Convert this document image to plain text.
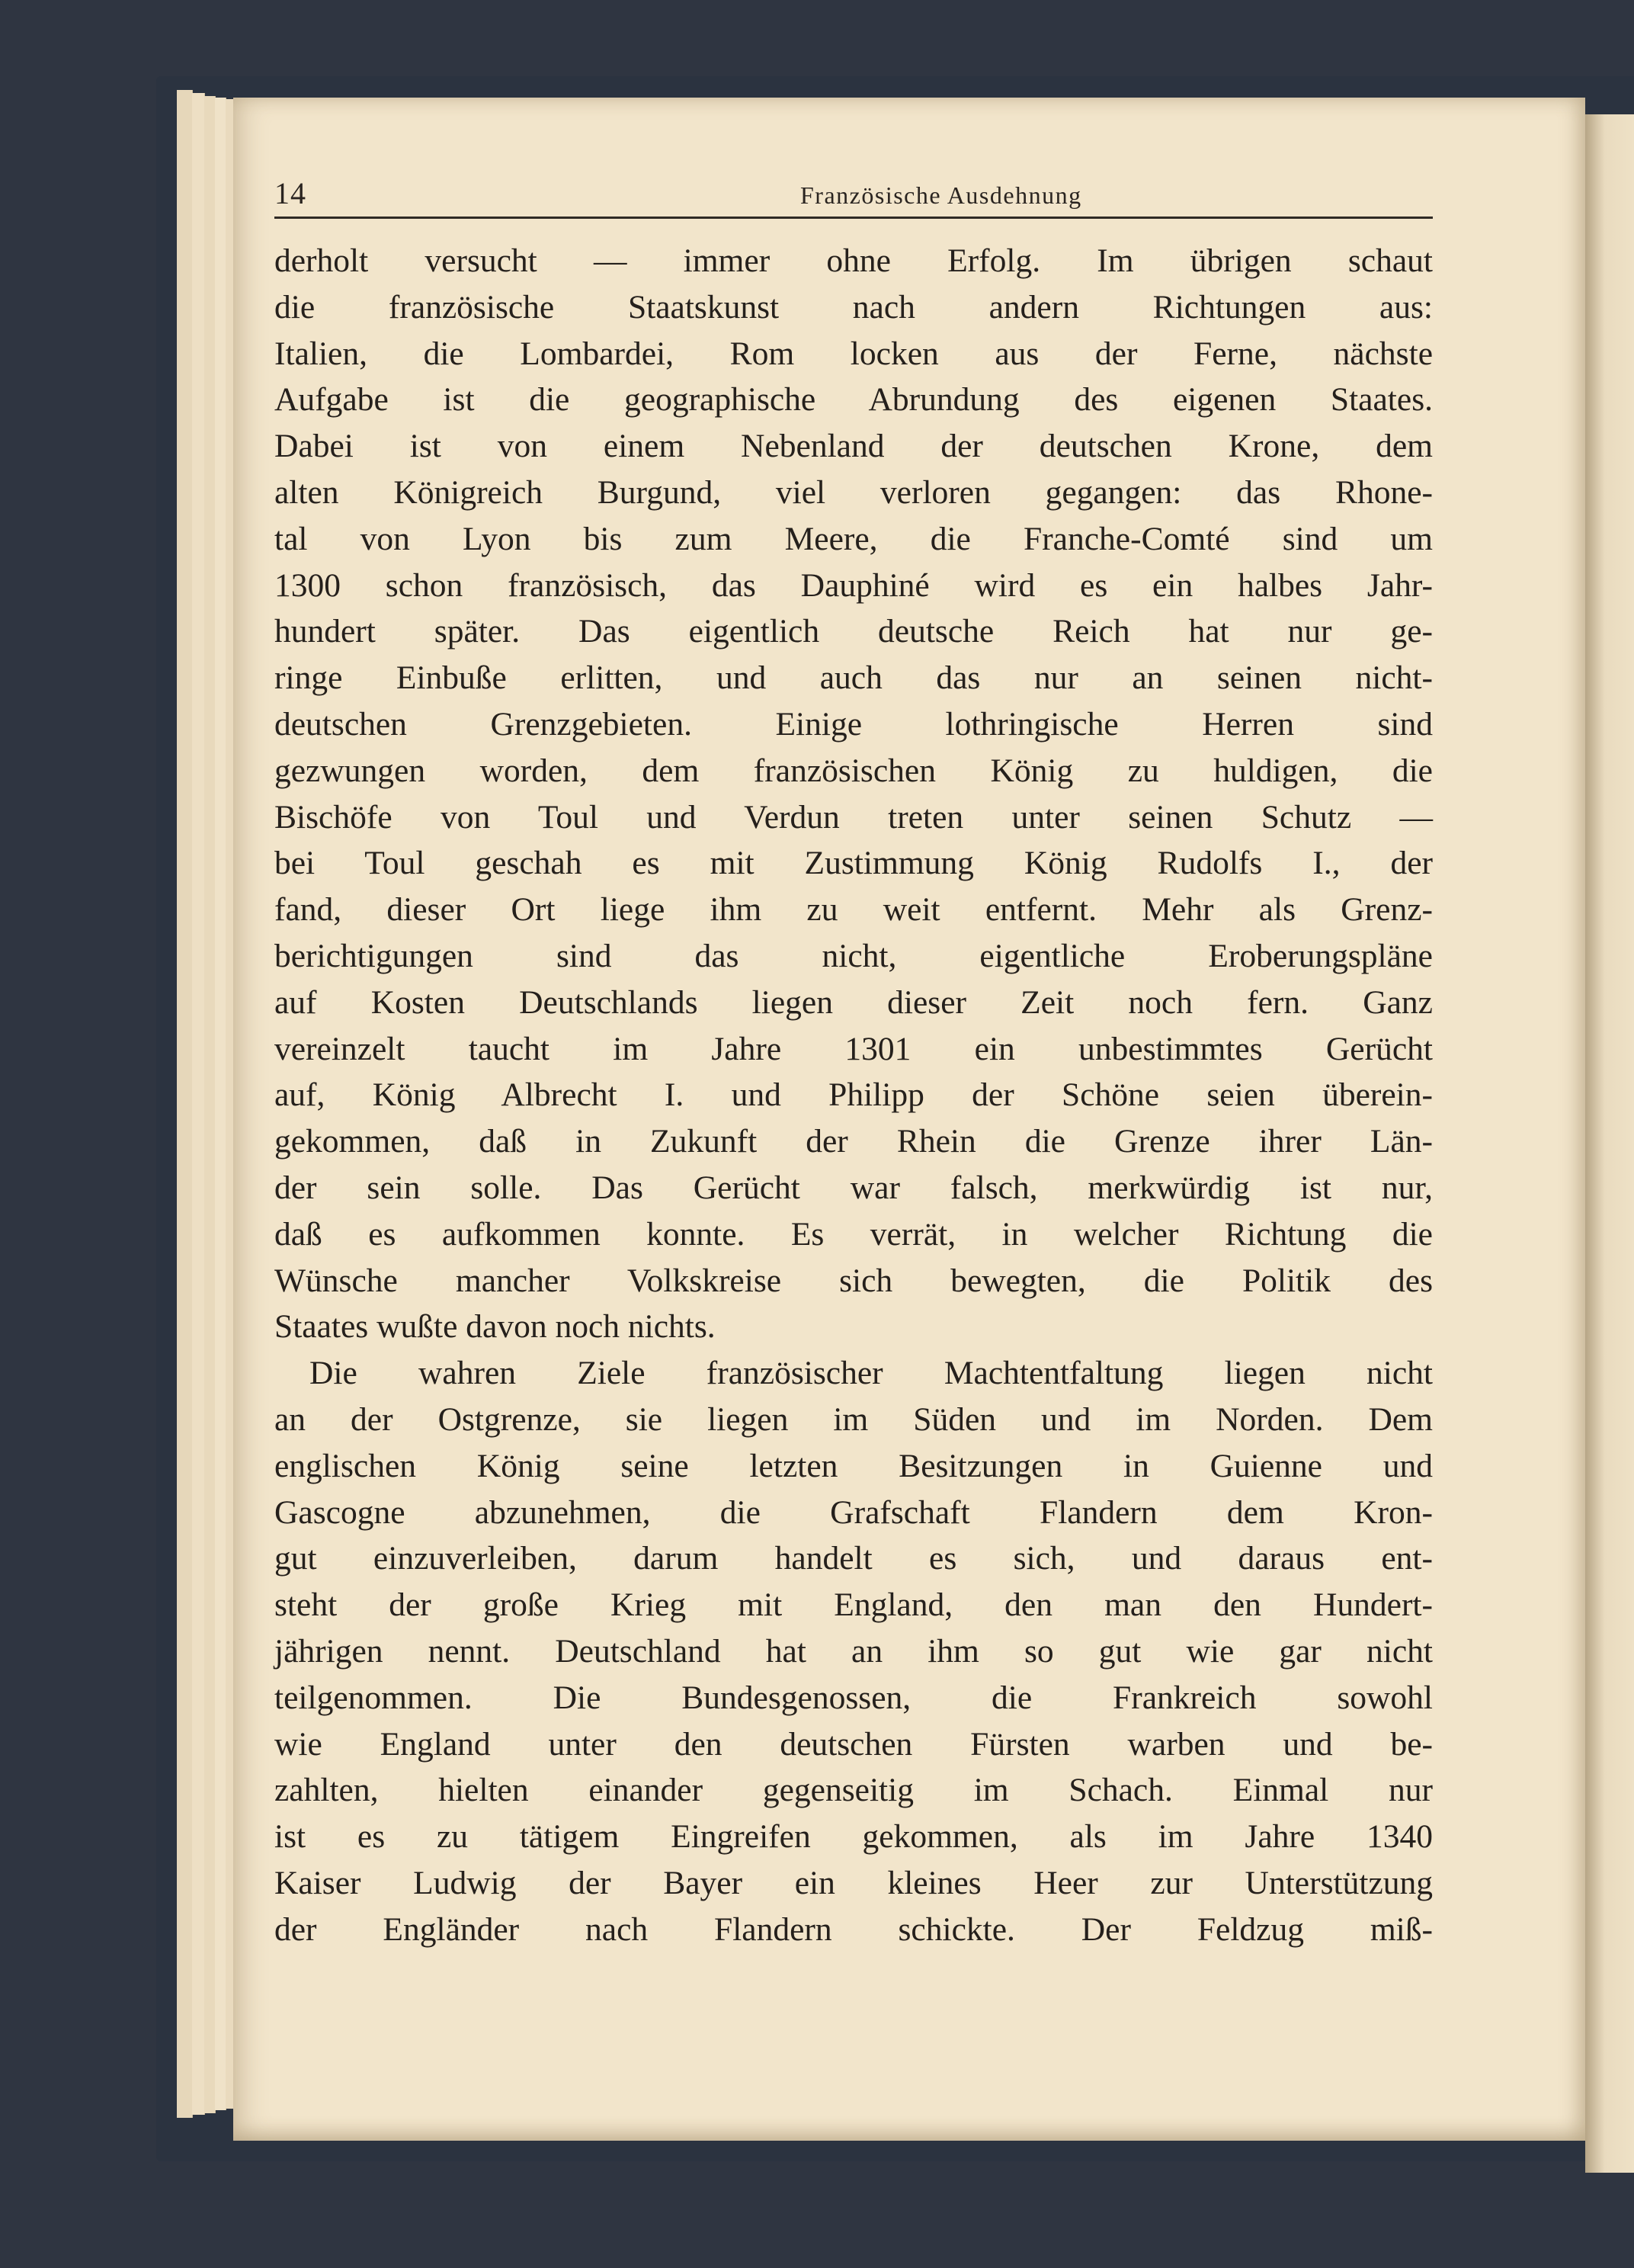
14	Französische Ausdehnung
derholt versucht — immer ohne Erfolg. Im übrigen schaut
die französische Staatskunst nach andern Richtungen aus:
Italien, die Lombardei, Rom locken aus der Ferne, nächste
Aufgabe ist die geographische Abrundung des eigenen Staates.
Dabei ist von einem Nebenland der deutschen Krone, dem
alten Königreich Burgund, viel verloren gegangen: das Rhone-
tal von Lyon bis zum Meere, die Franche-Comté sind um
1300 schon französisch, das Dauphiné wird es ein halbes Jahr-
hundert später. Das eigentlich deutsche Reich hat nur ge-
ringe Einbuße erlitten, und auch das nur an seinen nicht-
deutschen Grenzgebieten. Einige lothringische Herren sind
gezwungen worden, dem französischen König zu huldigen, die
Bischöfe von Toul und Verdun treten unter seinen Schutz —
bei Toul geschah es mit Zustimmung König Rudolfs I., der
fand, dieser Ort liege ihm zu weit entfernt. Mehr als Grenz-
berichtigungen sind das nicht, eigentliche Eroberungspläne
auf Kosten Deutschlands liegen dieser Zeit noch fern. Ganz
vereinzelt taucht im Jahre 1301 ein unbestimmtes Gerücht
auf, König Albrecht I. und Philipp der Schöne seien überein-
gekommen, daß in Zukunft der Rhein die Grenze ihrer Län-
der sein solle. Das Gerücht war falsch, merkwürdig ist nur,
daß es aufkommen konnte. Es verrät, in welcher Richtung die
Wünsche mancher Volkskreise sich bewegten, die Politik des
Staates wußte davon noch nichts.
Die wahren Ziele französischer Machtentfaltung liegen nicht
an der Ostgrenze, sie liegen im Süden und im Norden. Dem
englischen König seine letzten Besitzungen in Guienne und
Gascogne abzunehmen, die Grafschaft Flandern dem Kron-
gut einzuverleiben, darum handelt es sich, und daraus ent-
steht der große Krieg mit England, den man den Hundert-
jährigen nennt. Deutschland hat an ihm so gut wie gar nicht
teilgenommen. Die Bundesgenossen, die Frankreich sowohl
wie England unter den deutschen Fürsten warben und be-
zahlten, hielten einander gegenseitig im Schach. Einmal nur
ist es zu tätigem Eingreifen gekommen, als im Jahre 1340
Kaiser Ludwig der Bayer ein kleines Heer zur Unterstützung
der Engländer nach Flandern schickte. Der Feldzug miß-
